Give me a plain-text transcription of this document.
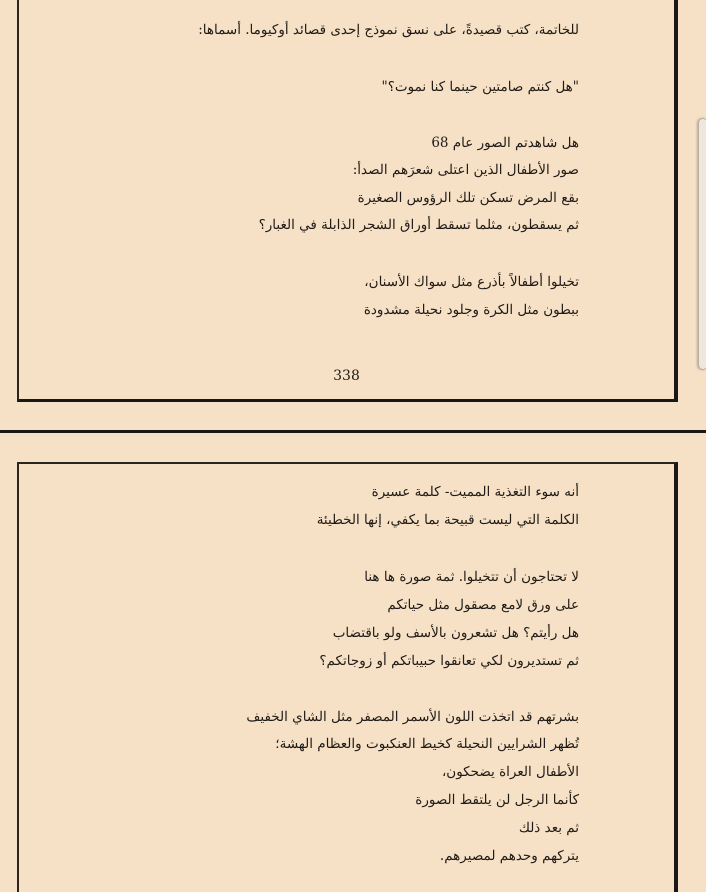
للخاتمة، كتب قصيدةً، على نسق نموذج إحدى قصائد أوكيوما. أسماها:
"هل كنتم صامتين حينما كنا نموت؟"
هل شاهدتم الصور عام 68
صور الأطفال الذين اعتلى شعرَهم الصدأ:
بقع المرض تسكن تلك الرؤوس الصغيرة
ثم يسقطون، مثلما تسقط أوراق الشجر الذابلة في الغبار؟
تخيلوا أطفالاً بأذرع مثل سواك الأسنان،
ببطون مثل الكرة وجلود نحيلة مشدودة
338
أنه سوء التغذية المميت- كلمة عسيرة
الكلمة التي ليست قبيحة بما يكفي، إنها الخطيئة
لا تحتاجون أن تتخيلوا. ثمة صورة ها هنا
على ورق لامع مصقول مثل حياتكم
هل رأيتم؟ هل تشعرون بالأسف ولو باقتضاب
ثم تستديرون لكي تعانقوا حبيباتكم أو زوجاتكم؟
بشرتهم قد اتخذت اللون الأسمر المصفر مثل الشاي الخفيف
تُظهر الشرايين النحيلة كخيط العنكبوت والعظام الهشة؛
الأطفال العراة يضحكون،
كأنما الرجل لن يلتقط الصورة
ثم بعد ذلك
يتركهم وحدهم لمصيرهم.
